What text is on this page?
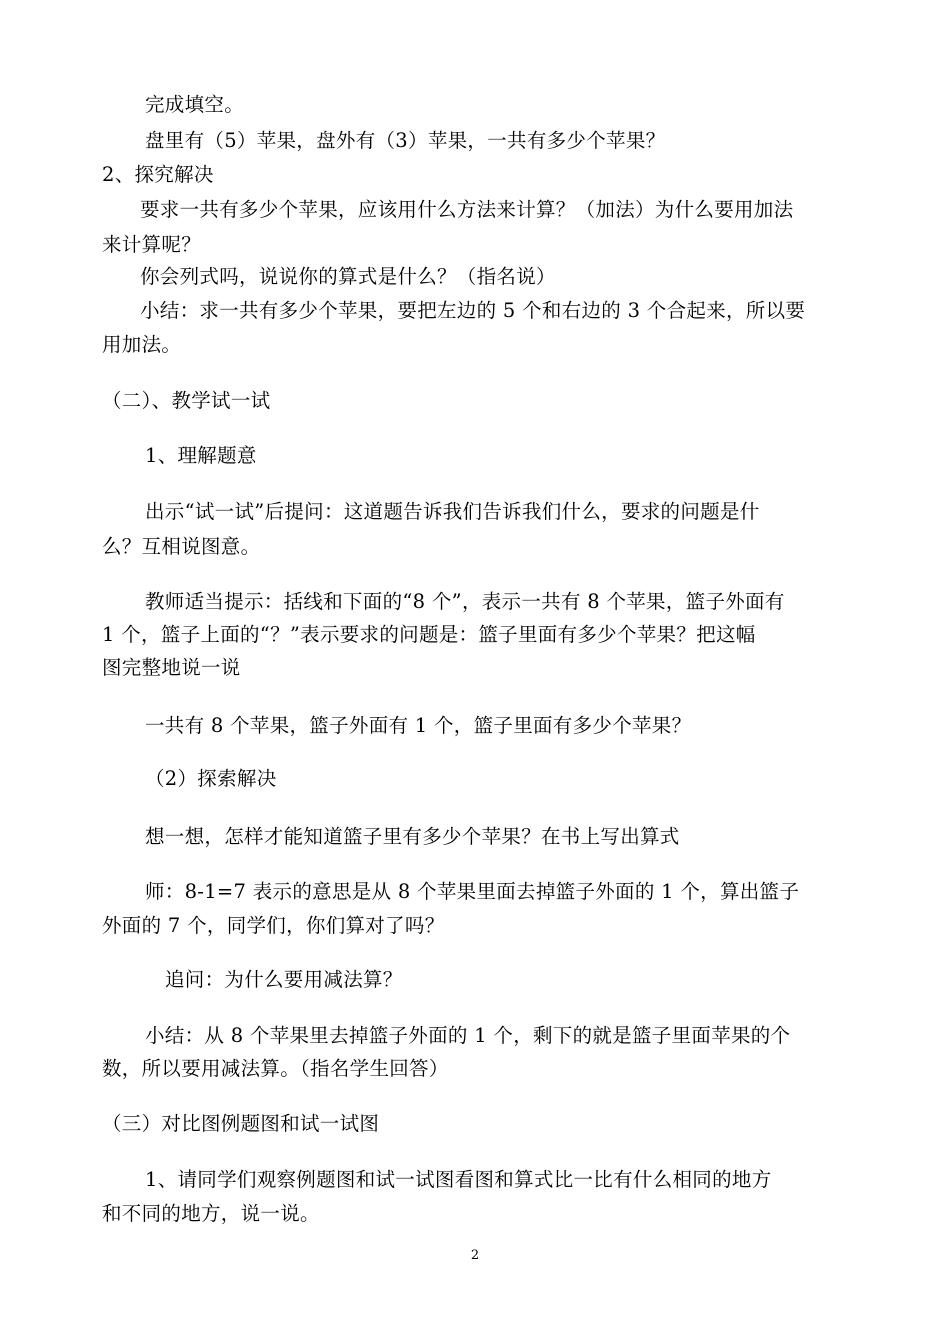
完成填空。
盘里有（5）苹果，盘外有（3）苹果，一共有多少个苹果？
2、探究解决
要求一共有多少个苹果，应该用什么方法来计算？（加法）为什么要用加法
来计算呢？
你会列式吗，说说你的算式是什么？（指名说）
小结：求一共有多少个苹果，要把左边的 5 个和右边的 3 个合起来，所以要
用加法。
（二）、教学试一试
1、理解题意
出示“试一试”后提问：这道题告诉我们告诉我们什么，要求的问题是什
么？互相说图意。
教师适当提示：括线和下面的“8 个”，表示一共有 8 个苹果，篮子外面有
1 个，篮子上面的“？”表示要求的问题是：篮子里面有多少个苹果？把这幅
图完整地说一说
一共有 8 个苹果，篮子外面有 1 个，篮子里面有多少个苹果？
（2）探索解决
想一想，怎样才能知道篮子里有多少个苹果？在书上写出算式
师：8-1=7 表示的意思是从 8 个苹果里面去掉篮子外面的 1 个，算出篮子
外面的 7 个，同学们，你们算对了吗？
追问：为什么要用减法算？
小结：从 8 个苹果里去掉篮子外面的 1 个，剩下的就是篮子里面苹果的个
数，所以要用减法算。（指名学生回答）
（三）对比图例题图和试一试图
1、请同学们观察例题图和试一试图看图和算式比一比有什么相同的地方
和不同的地方，说一说。
2
